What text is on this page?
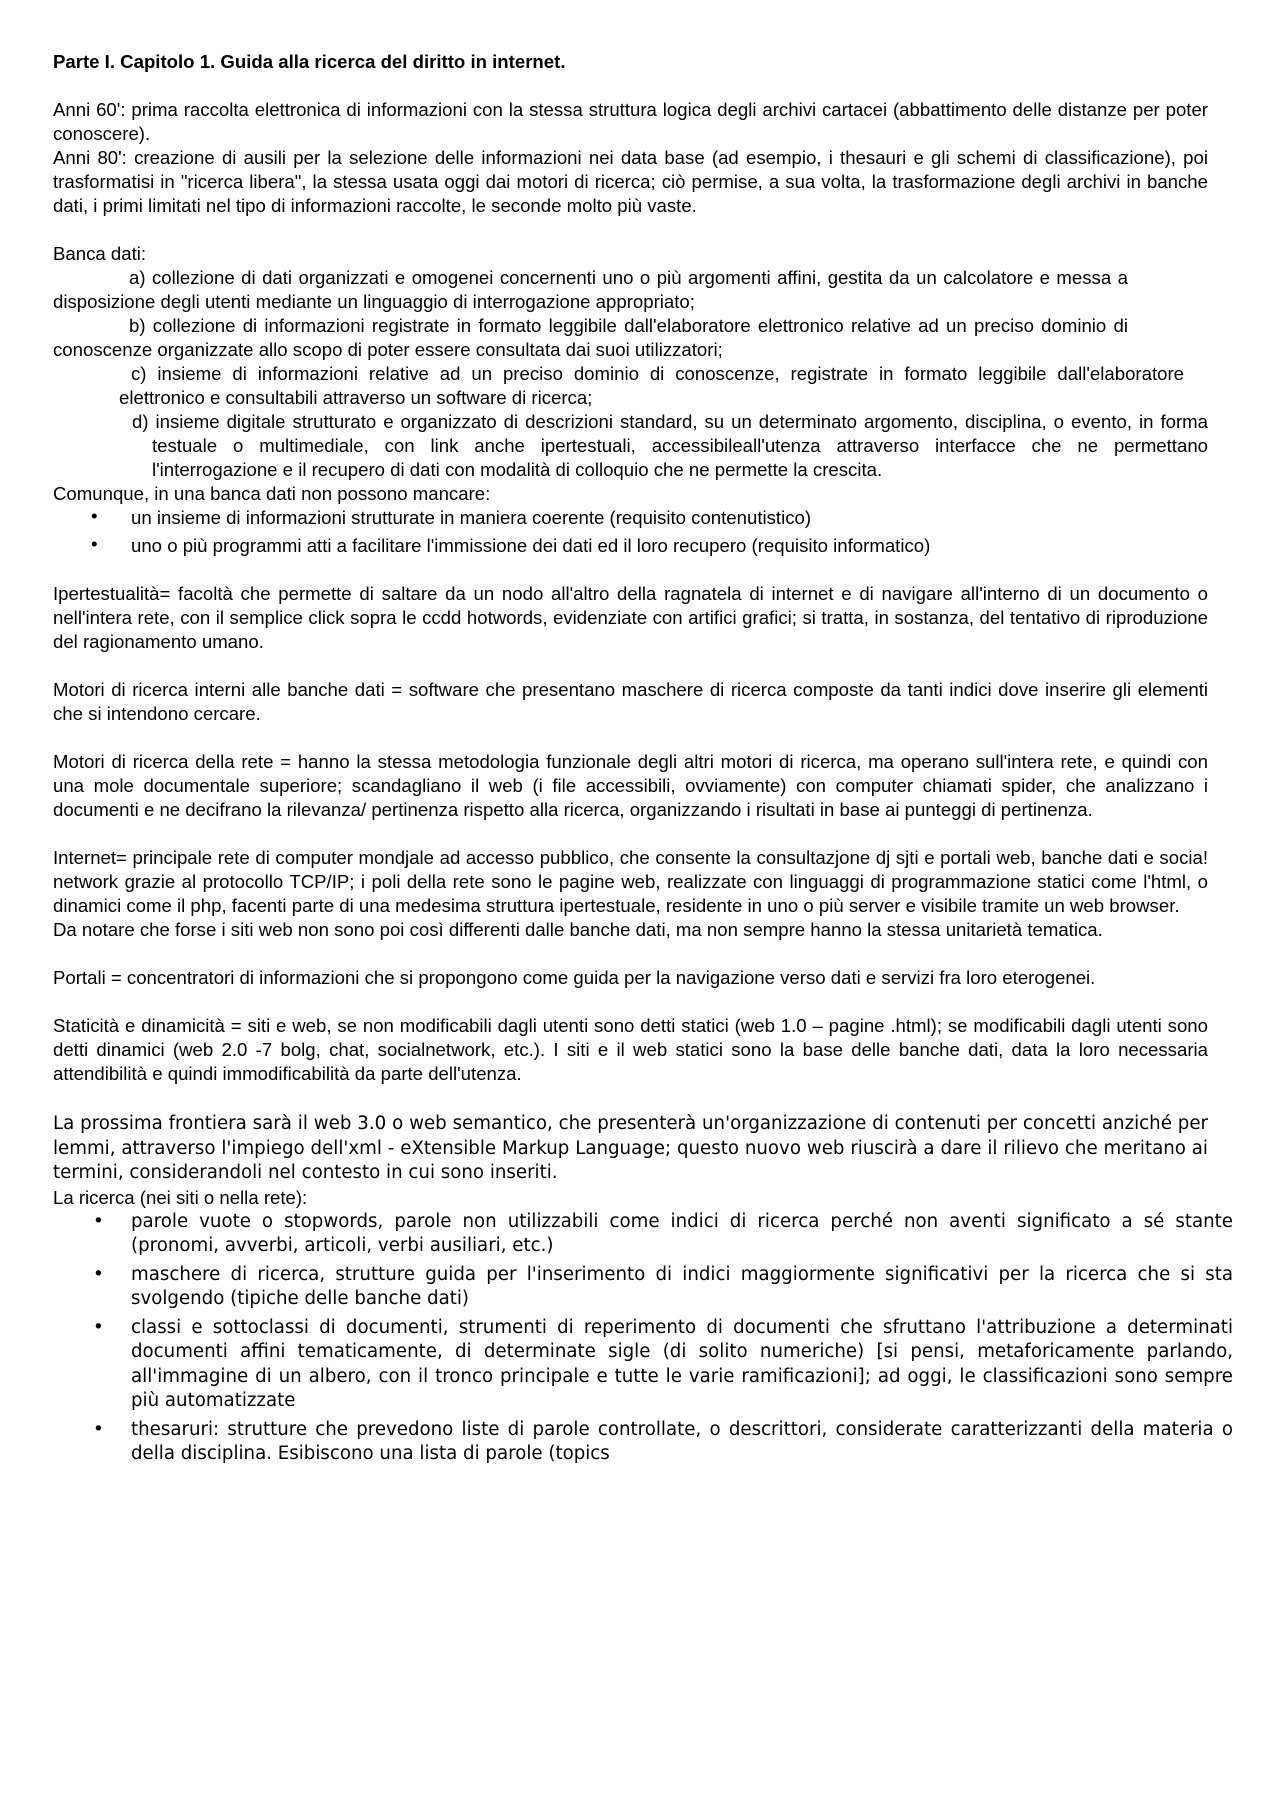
Parte I. Capitolo 1. Guida alla ricerca del diritto in internet.

Anni 60': prima raccolta elettronica di informazioni con la stessa struttura logica degli archivi cartacei (abbattimento delle distanze per poter conoscere).

Anni 80': creazione di ausili per la selezione delle informazioni nei data base (ad esempio, i thesauri e gli schemi di classificazione), poi trasformatisi in "ricerca libera", la stessa usata oggi dai motori di ricerca; ciò permise, a sua volta, la trasformazione degli archivi in banche dati, i primi limitati nel tipo di informazioni raccolte, le seconde molto più vaste.

Banca dati:

a) collezione di dati organizzati e omogenei concernenti uno o più argomenti affini, gestita da un calcolatore e messa a disposizione degli utenti mediante un linguaggio di interrogazione appropriato;

b) collezione di informazioni registrate in formato leggibile dall'elaboratore elettronico relative ad un preciso dominio di conoscenze organizzate allo scopo di poter essere consultata dai suoi utilizzatori;

c) insieme di informazioni relative ad un preciso dominio di conoscenze, registrate in formato leggibile dall'elaboratore elettronico e consultabili attraverso un software di ricerca;

d) insieme digitale strutturato e organizzato di descrizioni standard, su un determinato argomento, disciplina, o evento, in forma testuale o multimediale, con link anche ipertestuali, accessibileall'utenza attraverso interfacce che ne permettano l'interrogazione e il recupero di dati con modalità di colloquio che ne permette la crescita.

Comunque, in una banca dati non possono mancare:

• un insieme di informazioni strutturate in maniera coerente (requisito contenutistico)
• uno o più programmi atti a facilitare l'immissione dei dati ed il loro recupero (requisito informatico)

Ipertestualità= facoltà che permette di saltare da un nodo all'altro della ragnatela di internet e di navigare all'interno di un documento o nell'intera rete, con il semplice click sopra le ccdd hotwords, evidenziate con artifici grafici; si tratta, in sostanza, del tentativo di riproduzione del ragionamento umano.

Motori di ricerca interni alle banche dati = software che presentano maschere di ricerca composte da tanti indici dove inserire gli elementi che si intendono cercare.

Motori di ricerca della rete = hanno la stessa metodologia funzionale degli altri motori di ricerca, ma operano sull'intera rete, e quindi con una mole documentale superiore; scandagliano il web (i file accessibili, ovviamente) con computer chiamati spider, che analizzano i documenti e ne decifrano la rilevanza/ pertinenza rispetto alla ricerca, organizzando i risultati in base ai punteggi di pertinenza.

Internet= principale rete di computer mondjale ad accesso pubblico, che consente la consultazjone dj sjti e portali web, banche dati e socia! network grazie al protocollo TCP/IP; i poli della rete sono le pagine web, realizzate con linguaggi di programmazione statici come l'html, o dinamici come il php, facenti parte di una medesima struttura ipertestuale, residente in uno o più server e visibile tramite un web browser.

Da notare che forse i siti web non sono poi così differenti dalle banche dati, ma non sempre hanno la stessa unitarietà tematica.

Portali = concentratori di informazioni che si propongono come guida per la navigazione verso dati e servizi fra loro eterogenei.

Staticità e dinamicità = siti e web, se non modificabili dagli utenti sono detti statici (web 1.0 – pagine .html); se modificabili dagli utenti sono detti dinamici (web 2.0 -7 bolg, chat, socialnetwork, etc.). I siti e il web statici sono la base delle banche dati, data la loro necessaria attendibilità e quindi immodificabilità da parte dell'utenza.

La prossima frontiera sarà il web 3.0 o web semantico, che presenterà un'organizzazione di contenuti per concetti anziché per lemmi, attraverso l'impiego dell'xml - eXtensible Markup Language; questo nuovo web riuscirà a dare il rilievo che meritano ai termini, considerandoli nel contesto in cui sono inseriti.

La ricerca (nei siti o nella rete):

• parole vuote o stopwords, parole non utilizzabili come indici di ricerca perché non aventi significato a sé stante (pronomi, avverbi, articoli, verbi ausiliari, etc.)
• maschere di ricerca, strutture guida per l'inserimento di indici maggiormente significativi per la ricerca che si sta svolgendo (tipiche delle banche dati)
• classi e sottoclassi di documenti, strumenti di reperimento di documenti che sfruttano l'attribuzione a determinati documenti affini tematicamente, di determinate sigle (di solito numeriche) [si pensi, metaforicamente parlando, all'immagine di un albero, con il tronco principale e tutte le varie ramificazioni]; ad oggi, le classificazioni sono sempre più automatizzate
• thesaruri: strutture che prevedono liste di parole controllate, o descrittori, considerate caratterizzanti della materia o della disciplina. Esibiscono una lista di parole (topics
